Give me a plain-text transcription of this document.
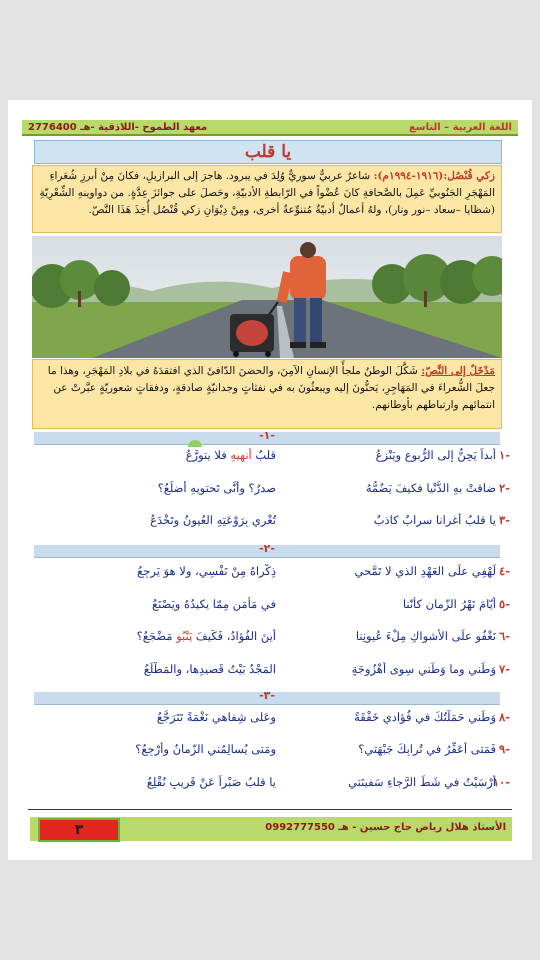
اللغة العربية – التاسع
معهد الطموح -اللاذقية -هـ 2776400
يا قلب
زكي قُنْصُل:(١٩١٦-١٩٩٤م): شاعرٌ عربيٌّ سوريٌّ وُلِدَ في يبرود. هاجرَ إلى البرازيلِ، فكانَ مِنْ أبرزِ شُعَراءِ المَهْجَرِ الجَنُوبيِّ عَمِلَ بالصَّحافةِ كانَ عُضْواً في الرّابطةِ الأدبيّةِ، وحَصلَ على جوائزَ عِدَّةٍ. من دواوينهِ الشِّعْرِيّةِ (شظايا –سعاد –نور ونار)، ولهُ أعمالٌ أدبيّةٌ مُتنوِّعةٌ أخرى، ومِنْ دِيْوَانِ زكي قُنْصُل أُخِذَ هَذَا النَّصّ.
مَدْخَلٌ إلى النَّصّ: شَكَّلَ الوطنُ ملجأً الإنسانِ الآمِنَ، والحضنَ الدّافئَ الذي افتقدَهُ في بلادِ المَهْجَرِ، وهذا ما جعلَ الشُّعراءَ في المَهَاجِرِ، يَحنُّونَ إليه ويبعثُونَ به في نفثاتٍ وجدانيّةٍ صادقةٍ، ودفقاتٍ شعوريّةٍ عبَّرتْ عن انتمائهم وارتباطهم بأوطانهم.
-١-
-١
أبداً يَحِنُّ إلى الرُّبوعِ ويَنْزِعُ
قلبٌ أنهِيهِ فلا يتورَّعُ
-٢
ضاقتْ بهِ الدُّنْيا فكيفَ يَضُمُّهُ
صدرٌ؟ وأنَّى تَحتويهِ أضلُعُ؟
-٣
يا قلبُ أغرانا سرابٌ كاذبٌ
تُغْرِي بِرَوْعَتِهِ العُيونُ وتَخْدَعُ
-٢-
-٤
لَهْفِي علَى العَهْدِ الذي لا تَمَّحي
ذِكْراهُ مِنْ نَفْسِي، ولا هوَ يَرجِعُ
-٥
أيّامَ نَهْرُ الزّمانِ كأنّنا
في مَأمَنٍ مِمّا يكيدُهُ ويَصْنَعُ
-٦
نَغْفُو علَى الأشواكِ مِلْءَ عُيونِنا
أينَ الفُؤادُ، فَكَيفَ يَنْبُو مَضْجَعُ؟
-٧
وَطَني وما وَطَني سِوى أُهْزُوجَةٍ
المَجْدُ بَيْتُ قَصيدِها، والمَطْلَعُ
-٣-
-٨
وَطَني حَمَلْتُكَ في فُؤادي خَفْقَةً
وعَلى شِفاهي نَغْمَةً تَتَرَجَّعُ
-٩
فَمَتى أُعَفِّرُ في تُرابِكَ جَبْهَتي؟
ومَتى يُسالِمُني الزّمانُ وأرْجِعُ؟
-١٠
أرْسَيْتُ في شَطِّ الرَّجاءِ سَفينَتي
يا قلبُ صَبْراً عَنْ قَريبٍ نُقْلِعُ
الأستاذ هلال رياض حاج حسين - هـ 0992777550
٣
